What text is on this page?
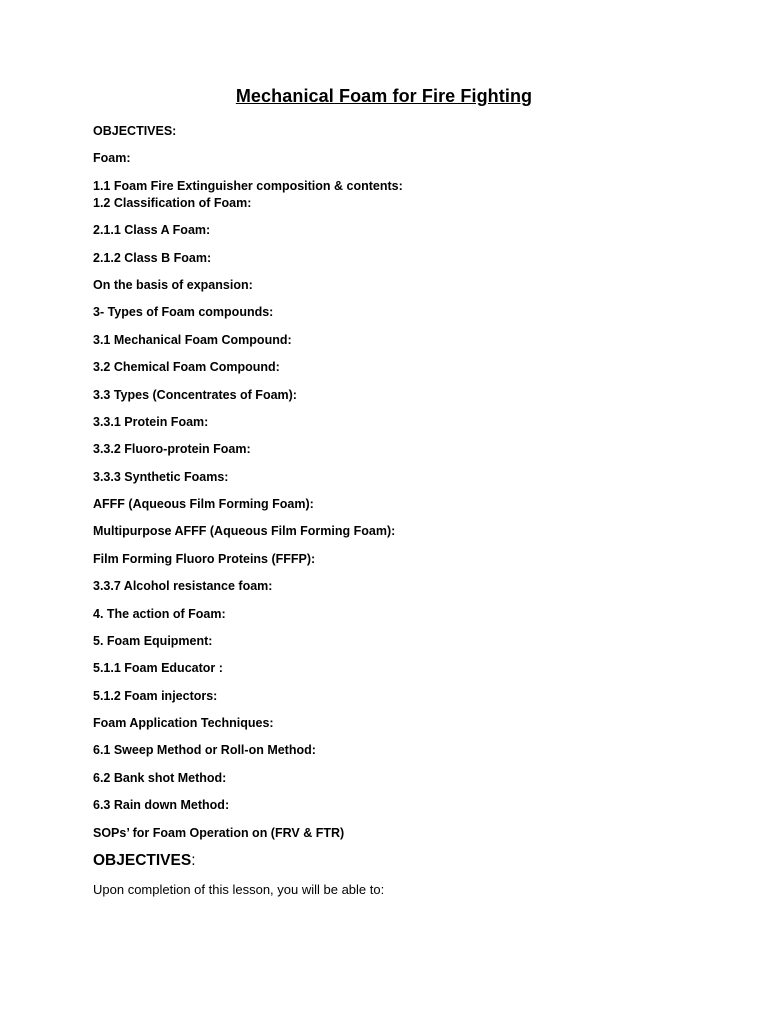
Mechanical Foam for Fire Fighting
OBJECTIVES:
Foam:
1.1 Foam Fire Extinguisher composition & contents:
1.2 Classification of Foam:
2.1.1 Class A Foam:
2.1.2 Class B Foam:
On the basis of expansion:
3- Types of Foam compounds:
3.1 Mechanical Foam Compound:
3.2 Chemical Foam Compound:
3.3 Types (Concentrates of Foam):
3.3.1 Protein Foam:
3.3.2 Fluoro-protein Foam:
3.3.3 Synthetic Foams:
AFFF (Aqueous Film Forming Foam):
Multipurpose AFFF (Aqueous Film Forming Foam):
Film Forming Fluoro Proteins (FFFP):
3.3.7 Alcohol resistance foam:
4. The action of Foam:
5. Foam Equipment:
5.1.1 Foam Educator :
5.1.2 Foam injectors:
Foam Application Techniques:
6.1 Sweep Method or Roll-on Method:
6.2 Bank shot Method:
6.3 Rain down Method:
SOPs’ for Foam Operation on (FRV & FTR)
OBJECTIVES:
Upon completion of this lesson, you will be able to:
